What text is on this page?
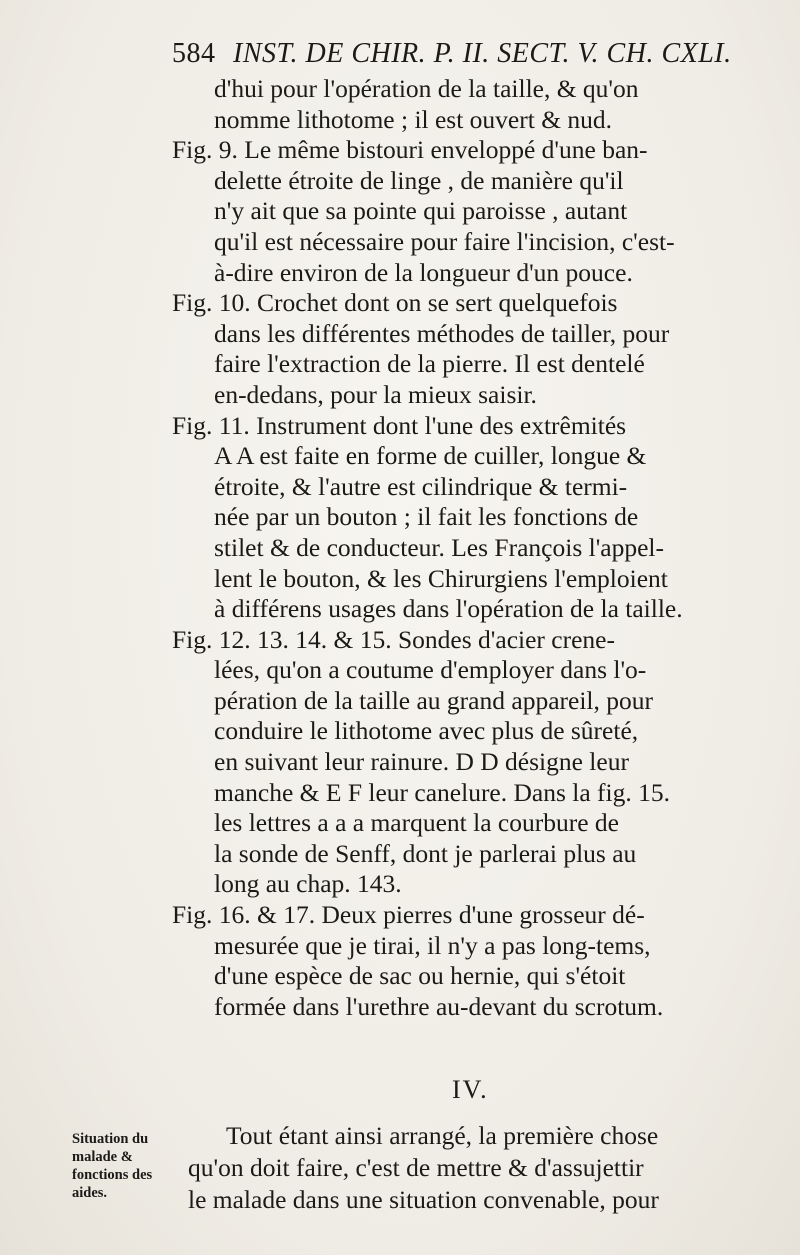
584 INST. DE CHIR. P. II. SECT. V. CH. CXLI.
d'hui pour l'opération de la taille, & qu'on
nomme lithotome ; il est ouvert & nud.
Fig. 9. Le même bistouri enveloppé d'une ban-
delette étroite de linge , de manière qu'il
n'y ait que sa pointe qui paroisse , autant
qu'il est nécessaire pour faire l'incision, c'est-
à-dire environ de la longueur d'un pouce.
Fig. 10. Crochet dont on se sert quelquefois
dans les différentes méthodes de tailler, pour
faire l'extraction de la pierre. Il est dentelé
en-dedans, pour la mieux saisir.
Fig. 11. Instrument dont l'une des extrêmités
A A est faite en forme de cuiller, longue &
étroite, & l'autre est cilindrique & termi-
née par un bouton ; il fait les fonctions de
stilet & de conducteur. Les François l'appel-
lent le bouton, & les Chirurgiens l'emploient
à différens usages dans l'opération de la taille.
Fig. 12. 13. 14. & 15. Sondes d'acier crene-
lées, qu'on a coutume d'employer dans l'o-
pération de la taille au grand appareil, pour
conduire le lithotome avec plus de sûreté,
en suivant leur rainure. D D désigne leur
manche & E F leur canelure. Dans la fig. 15.
les lettres a a a marquent la courbure de
la sonde de Senff, dont je parlerai plus au
long au chap. 143.
Fig. 16. & 17. Deux pierres d'une grosseur dé-
mesurée que je tirai, il n'y a pas long-tems,
d'une espèce de sac ou hernie, qui s'étoit
formée dans l'urethre au-devant du scrotum.
IV.
Situation du
malade &
fonctions des
aides.
Tout étant ainsi arrangé, la première chose
qu'on doit faire, c'est de mettre & d'assujettir
le malade dans une situation convenable, pour
